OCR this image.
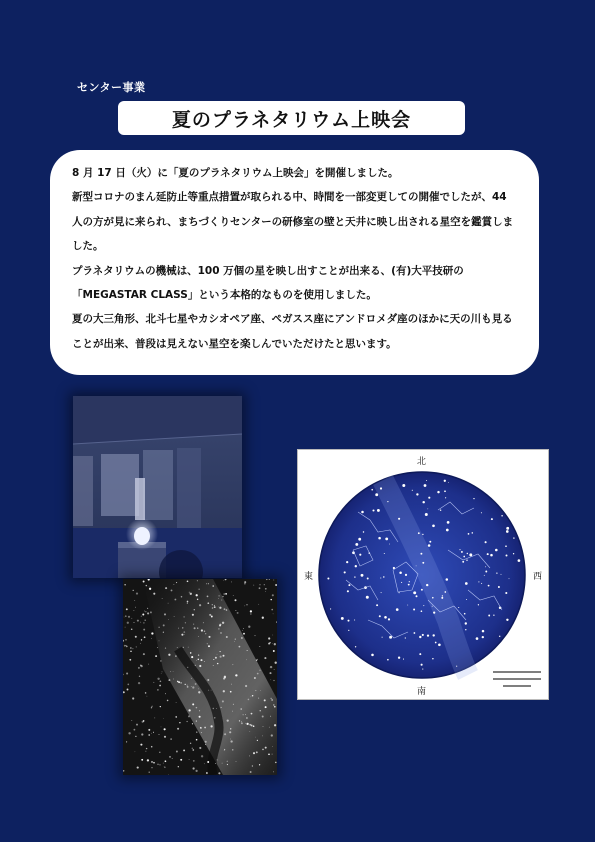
センター事業
夏のプラネタリウム上映会

8 月 17 日（火）に「夏のプラネタリウム上映会」を開催しました。

新型コロナのまん延防止等重点措置が取られる中、時間を一部変更しての開催でしたが、44 人の方が見に来られ、まちづくりセンターの研修室の壁と天井に映し出される星空を鑑賞しました。

プラネタリウムの機械は、100 万個の星を映し出すことが出来る、(有)大平技研の「MEGASTAR CLASS」という本格的なものを使用しました。

夏の大三角形、北斗七星やカシオペア座、ペガスス座にアンドロメダ座のほかに天の川も見ることが出来、普段は見えない星空を楽しんでいただけたと思います。

北
南
東	西
